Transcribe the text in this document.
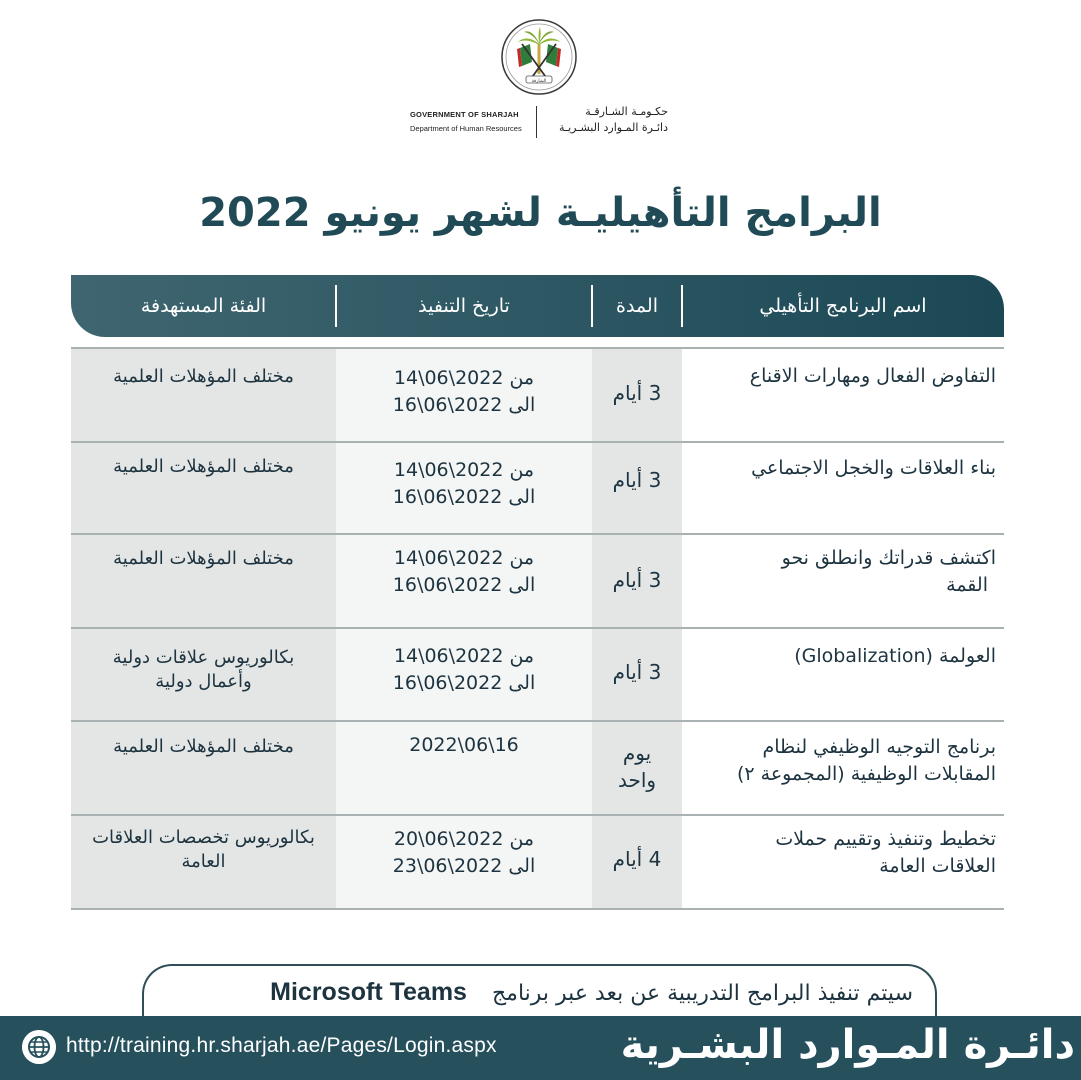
الشارقة
GOVERNMENT OF SHARJAH
Department of Human Resources
حكـومـة الشـارقـة
دائـرة المـوارد البشـريـة
البرامج التأهيليـة لشهر يونيو 2022
اسم البرنامج التأهيلي
المدة
تاريخ التنفيذ
الفئة المستهدفة
التفاوض الفعال ومهارات الاقناع
3 أيام
من 2022\06\14
الى 2022\06\16
مختلف المؤهلات العلمية
بناء العلاقات والخجل الاجتماعي
3 أيام
من 2022\06\14
الى 2022\06\16
مختلف المؤهلات العلمية
اكتشف قدراتك وانطلق نحو
القمة
3 أيام
من 2022\06\14
الى 2022\06\16
مختلف المؤهلات العلمية
العولمة (Globalization)
3 أيام
من 2022\06\14
الى 2022\06\16
بكالوريوس علاقات دولية
وأعمال دولية
برنامج التوجيه الوظيفي لنظام
المقابلات الوظيفية (المجموعة ٢)
يوم
واحد
2022\06\16
مختلف المؤهلات العلمية
تخطيط وتنفيذ وتقييم حملات
العلاقات العامة
4 أيام
من 2022\06\20
الى 2022\06\23
بكالوريوس تخصصات العلاقات
العامة
سيتم تنفيذ البرامج التدريبية عن بعد عبر برنامج Microsoft Teams
http://training.hr.sharjah.ae/Pages/Login.aspx	دائـرة المـوارد البشـرية
